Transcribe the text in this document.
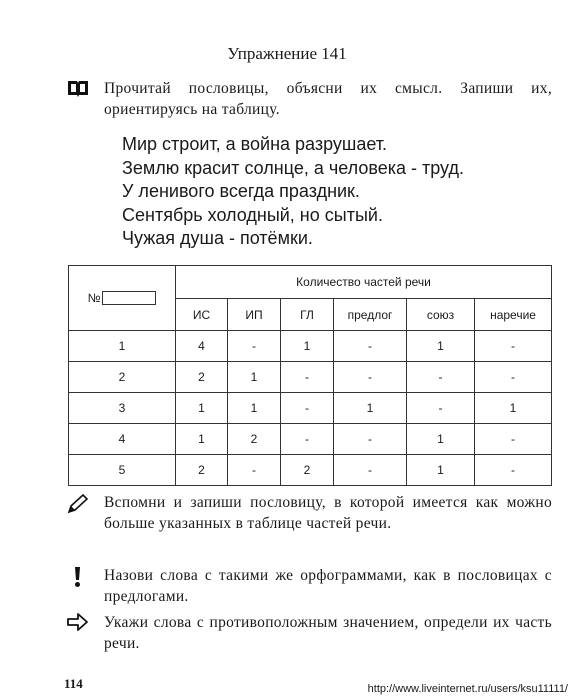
Упражнение 141
Прочитай пословицы, объясни их смысл. Запиши их, ориентируясь на таблицу.
Мир строит, а война разрушает.
Землю красит солнце, а человека - труд.
У ленивого всегда праздник.
Сентябрь холодный, но сытый.
Чужая душа - потёмки.
№	Количество частей речи					
	ИС	ИП	ГЛ	предлог	союз	наречие
1	4	-	1	-	1	-
2	2	1	-	-	-	-
3	1	1	-	1	-	1
4	1	2	-	-	1	-
5	2	-	2	-	1	-
Вспомни и запиши пословицу, в которой имеется как можно больше указанных в таблице частей речи.
Назови слова с такими же орфограммами, как в пословицах с предлогами.
Укажи слова с противоположным значением, определи их часть речи.
114	http://www.liveinternet.ru/users/ksu11111/
